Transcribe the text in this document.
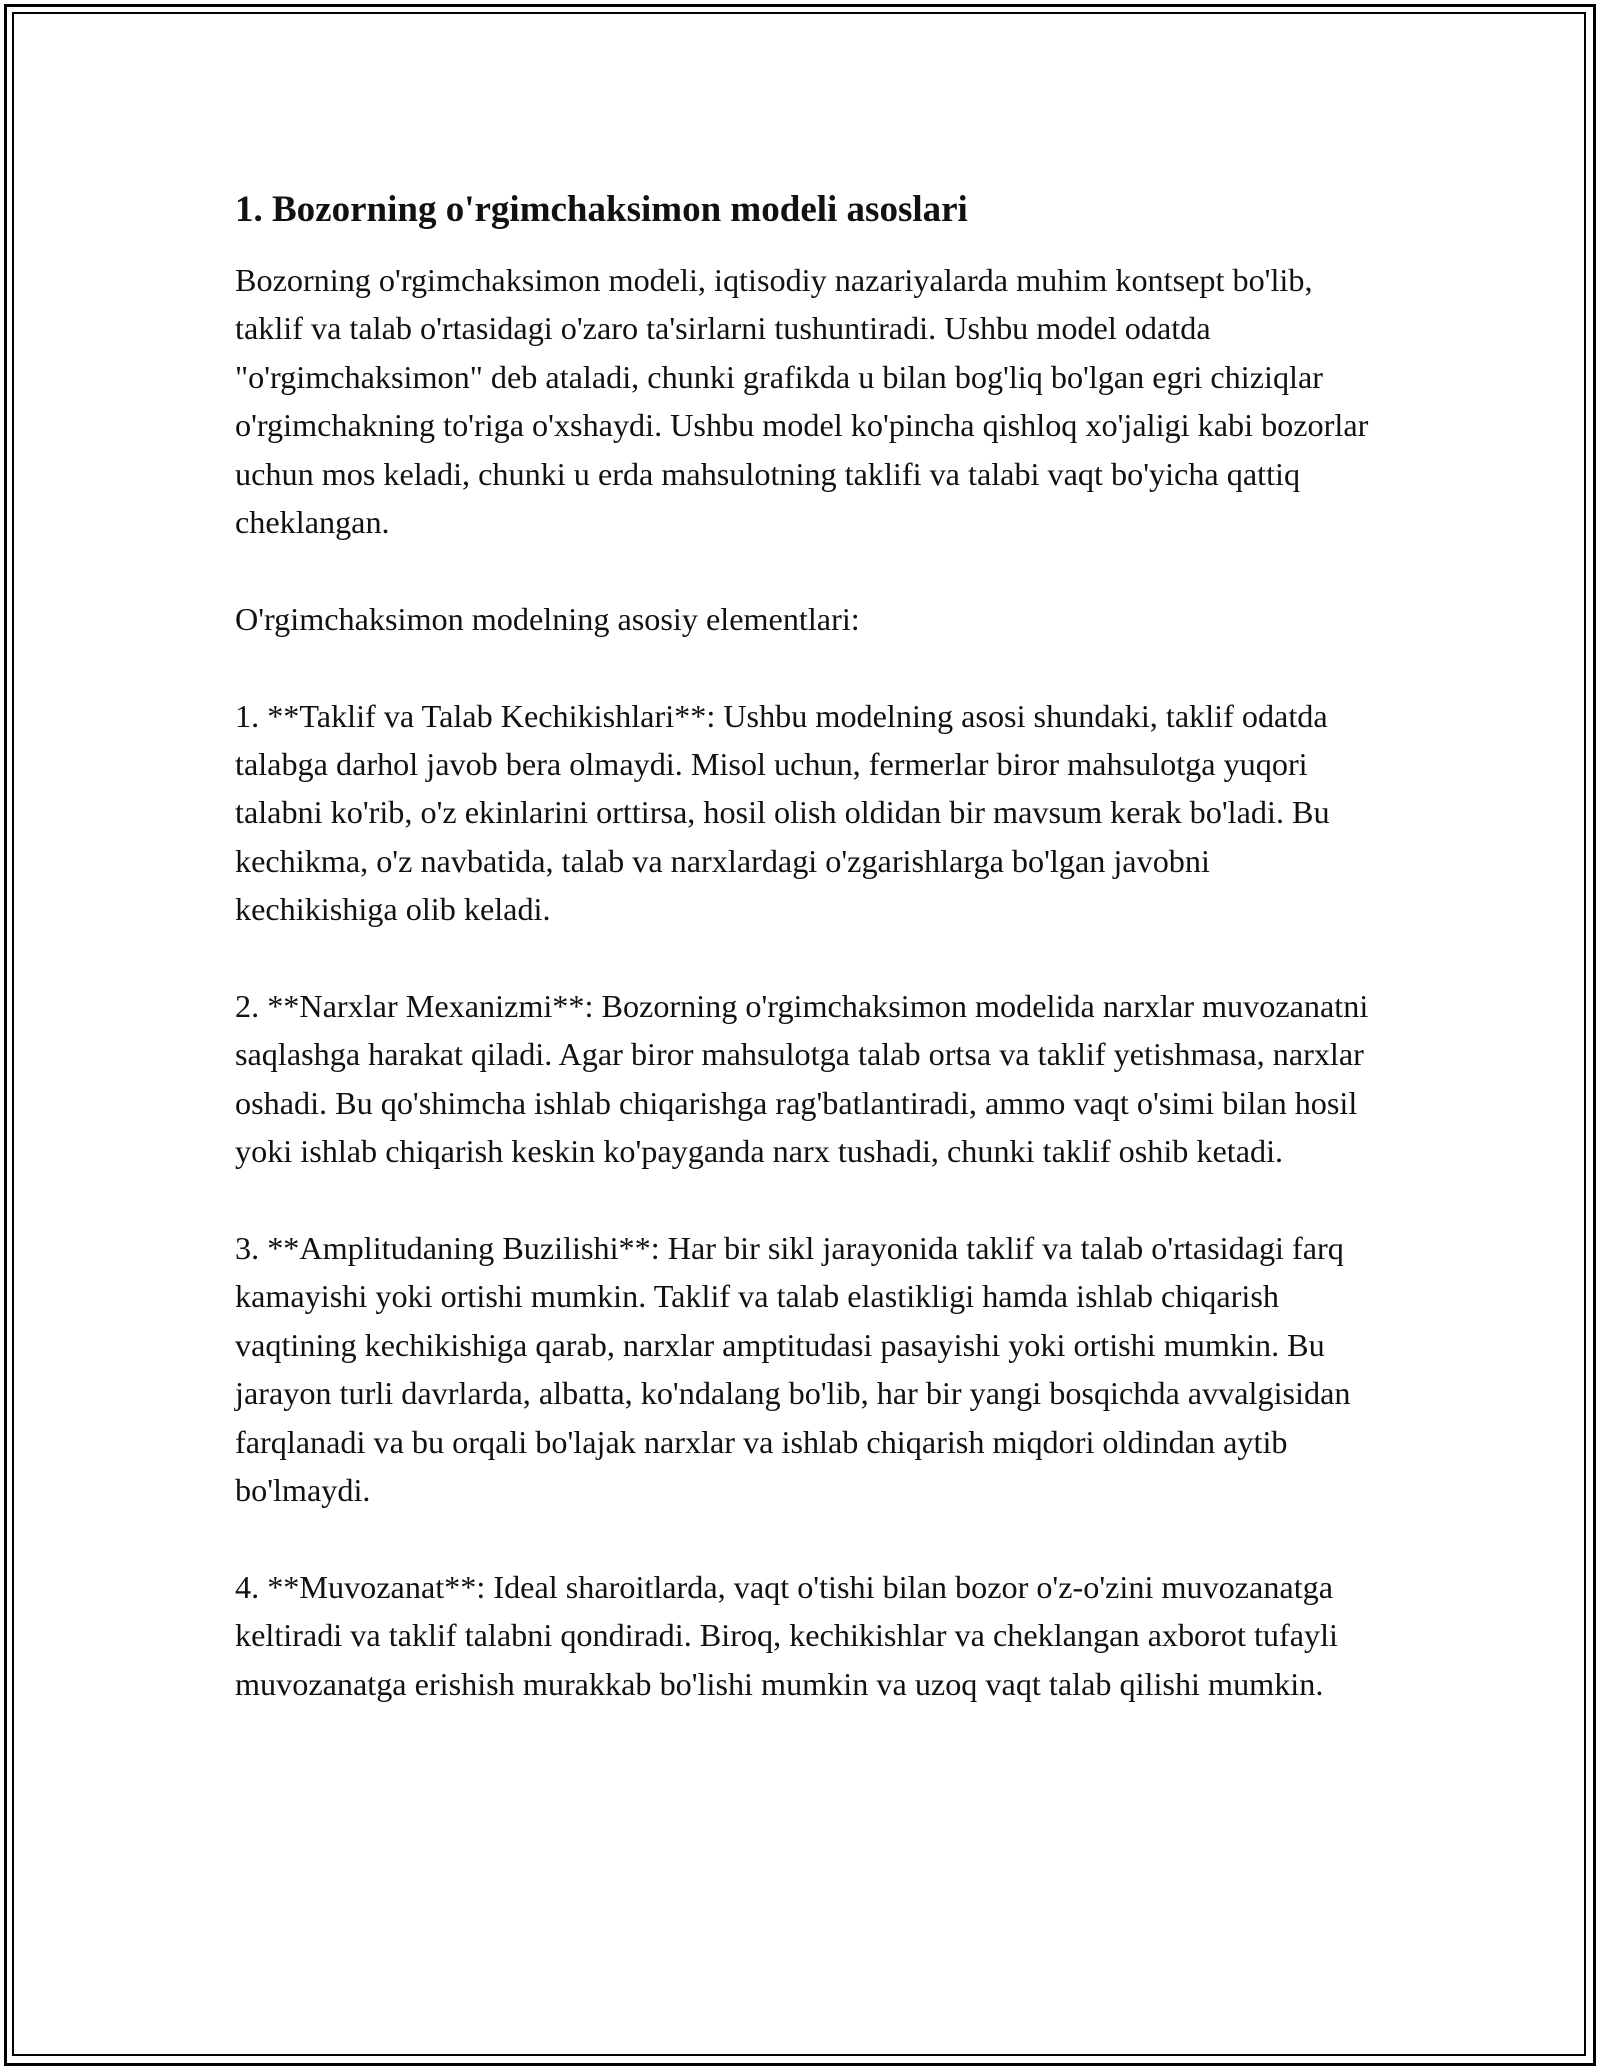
1. Bozorning o'rgimchaksimon modeli asoslari

Bozorning o'rgimchaksimon modeli, iqtisodiy nazariyalarda muhim kontsept bo'lib, taklif va talab o'rtasidagi o'zaro ta'sirlarni tushuntiradi. Ushbu model odatda "o'rgimchaksimon" deb ataladi, chunki grafikda u bilan bog'liq bo'lgan egri chiziqlar o'rgimchakning to'riga o'xshaydi. Ushbu model ko'pincha qishloq xo'jaligi kabi bozorlar uchun mos keladi, chunki u erda mahsulotning taklifi va talabi vaqt bo'yicha qattiq cheklangan.

O'rgimchaksimon modelning asosiy elementlari:

1. **Taklif va Talab Kechikishlari**: Ushbu modelning asosi shundaki, taklif odatda talabga darhol javob bera olmaydi. Misol uchun, fermerlar biror mahsulotga yuqori talabni ko'rib, o'z ekinlarini orttirsa, hosil olish oldidan bir mavsum kerak bo'ladi. Bu kechikma, o'z navbatida, talab va narxlardagi o'zgarishlarga bo'lgan javobni kechikishiga olib keladi.

2. **Narxlar Mexanizmi**: Bozorning o'rgimchaksimon modelida narxlar muvozanatni saqlashga harakat qiladi. Agar biror mahsulotga talab ortsa va taklif yetishmasa, narxlar oshadi. Bu qo'shimcha ishlab chiqarishga rag'batlantiradi, ammo vaqt o'simi bilan hosil yoki ishlab chiqarish keskin ko'payganda narx tushadi, chunki taklif oshib ketadi.

3. **Amplitudaning Buzilishi**: Har bir sikl jarayonida taklif va talab o'rtasidagi farq kamayishi yoki ortishi mumkin. Taklif va talab elastikligi hamda ishlab chiqarish vaqtining kechikishiga qarab, narxlar amptitudasi pasayishi yoki ortishi mumkin. Bu jarayon turli davrlarda, albatta, ko'ndalang bo'lib, har bir yangi bosqichda avvalgisidan farqlanadi va bu orqali bo'lajak narxlar va ishlab chiqarish miqdori oldindan aytib bo'lmaydi.

4. **Muvozanat**: Ideal sharoitlarda, vaqt o'tishi bilan bozor o'z-o'zini muvozanatga keltiradi va taklif talabni qondiradi. Biroq, kechikishlar va cheklangan axborot tufayli muvozanatga erishish murakkab bo'lishi mumkin va uzoq vaqt talab qilishi mumkin.
